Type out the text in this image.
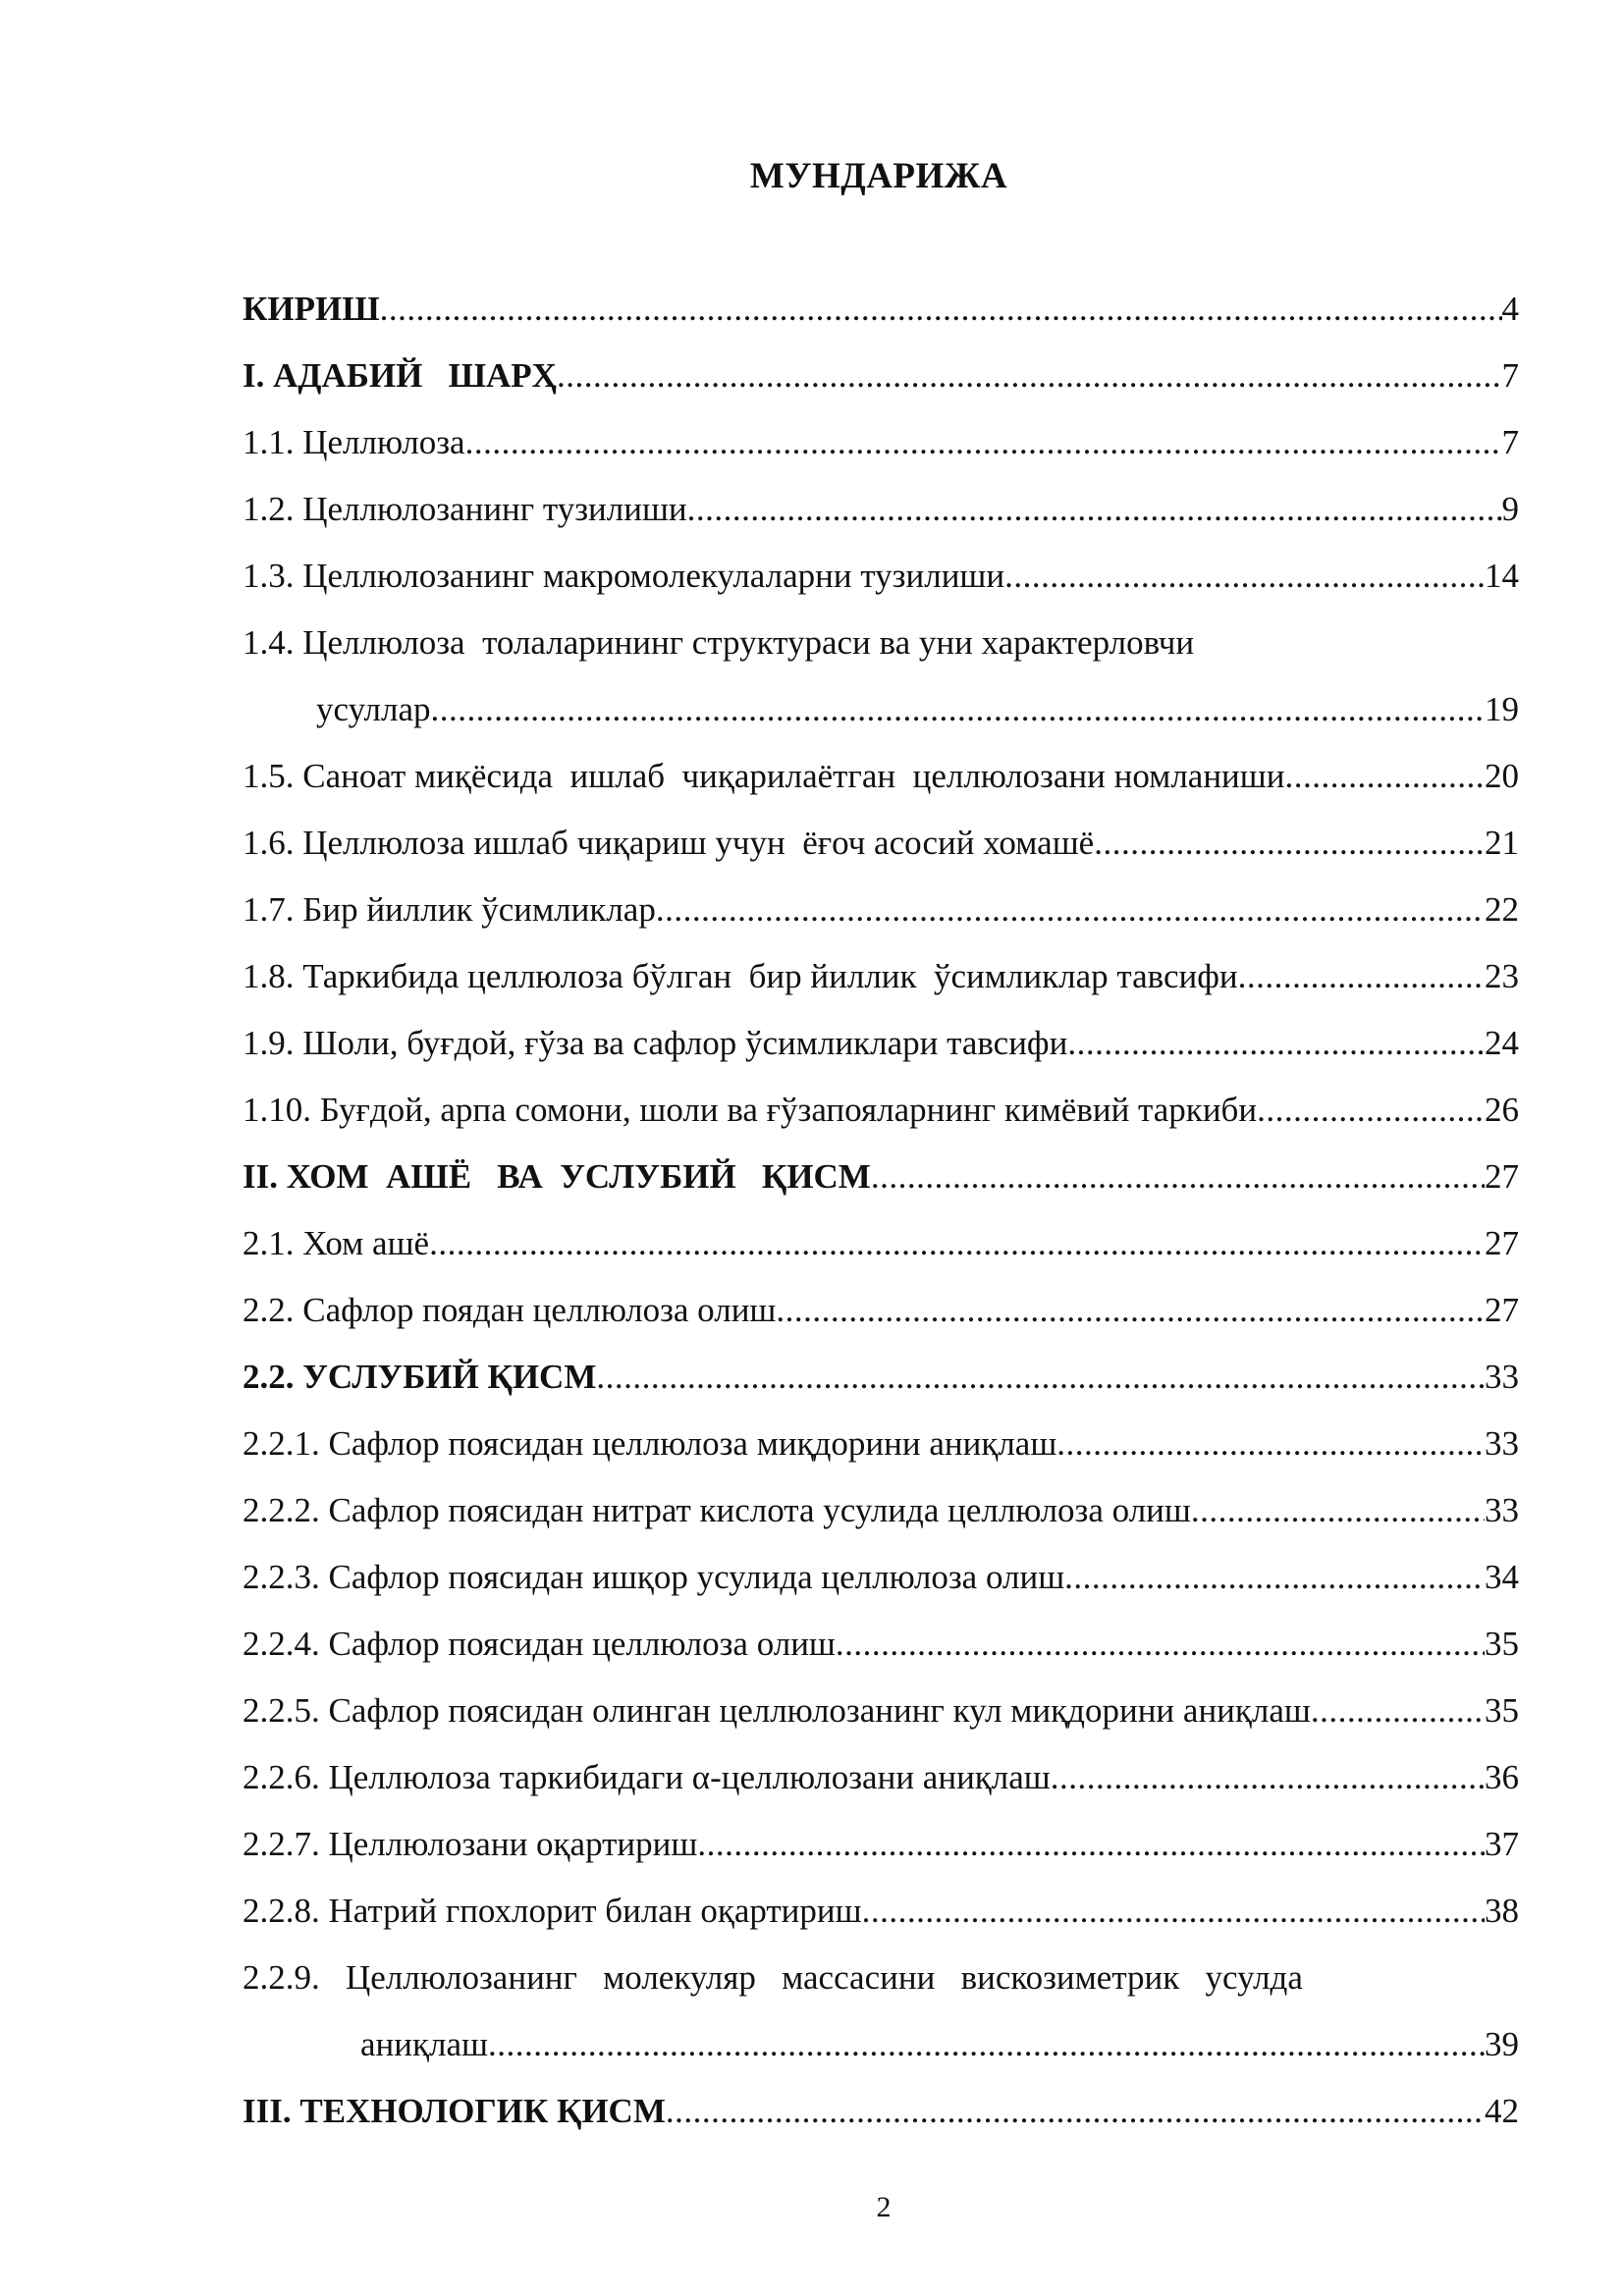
МУНДАРИЖА
КИРИШ .....	4
I. АДАБИЙ   ШАРҲ .....	7
1.1. Целлюлоза .....	7
1.2. Целлюлозанинг тузилиши .....	9
1.3. Целлюлозанинг макромолекулаларни тузилиши .....	14
1.4. Целлюлоза  толаларининг структураси ва уни характерловчи
усуллар .....	19
1.5. Саноат миқёсида  ишлаб  чиқарилаётган  целлюлозани номланиши .....	20
1.6. Целлюлоза ишлаб чиқариш учун  ёғоч асосий хомашё .....	21
1.7. Бир йиллик ўсимликлар .....	22
1.8. Таркибида целлюлоза бўлган  бир йиллик  ўсимликлар тавсифи .....	23
1.9. Шоли, буғдой, ғўза ва сафлор ўсимликлари тавсифи .....	24
1.10. Буғдой, арпа сомони, шоли ва ғўзапояларнинг кимёвий таркиби .....	26
II. ХОМ  АШЁ   ВА  УСЛУБИЙ   ҚИСМ .....	27
2.1. Хом ашё .....	27
2.2. Сафлор поядан целлюлоза олиш .....	27
2.2. УСЛУБИЙ ҚИСМ .....	33
2.2.1. Сафлор поясидан целлюлоза миқдорини аниқлаш .....	33
2.2.2. Сафлор поясидан нитрат кислота усулида целлюлоза олиш .....	33
2.2.3. Сафлор поясидан ишқор усулида целлюлоза олиш .....	34
2.2.4. Сафлор поясидан целлюлоза олиш .....	35
2.2.5. Сафлор поясидан олинган целлюлозанинг кул миқдорини аниқлаш .....	35
2.2.6. Целлюлоза таркибидаги α-целлюлозани аниқлаш .....	36
2.2.7. Целлюлозани оқартириш .....	37
2.2.8. Натрий гпохлорит билан оқартириш .....	38
2.2.9.   Целлюлозанинг   молекуляр   массасини   вискозиметрик   усулда
аниқлаш .....	39
III. ТЕХНОЛОГИК ҚИСМ .....	42
2
